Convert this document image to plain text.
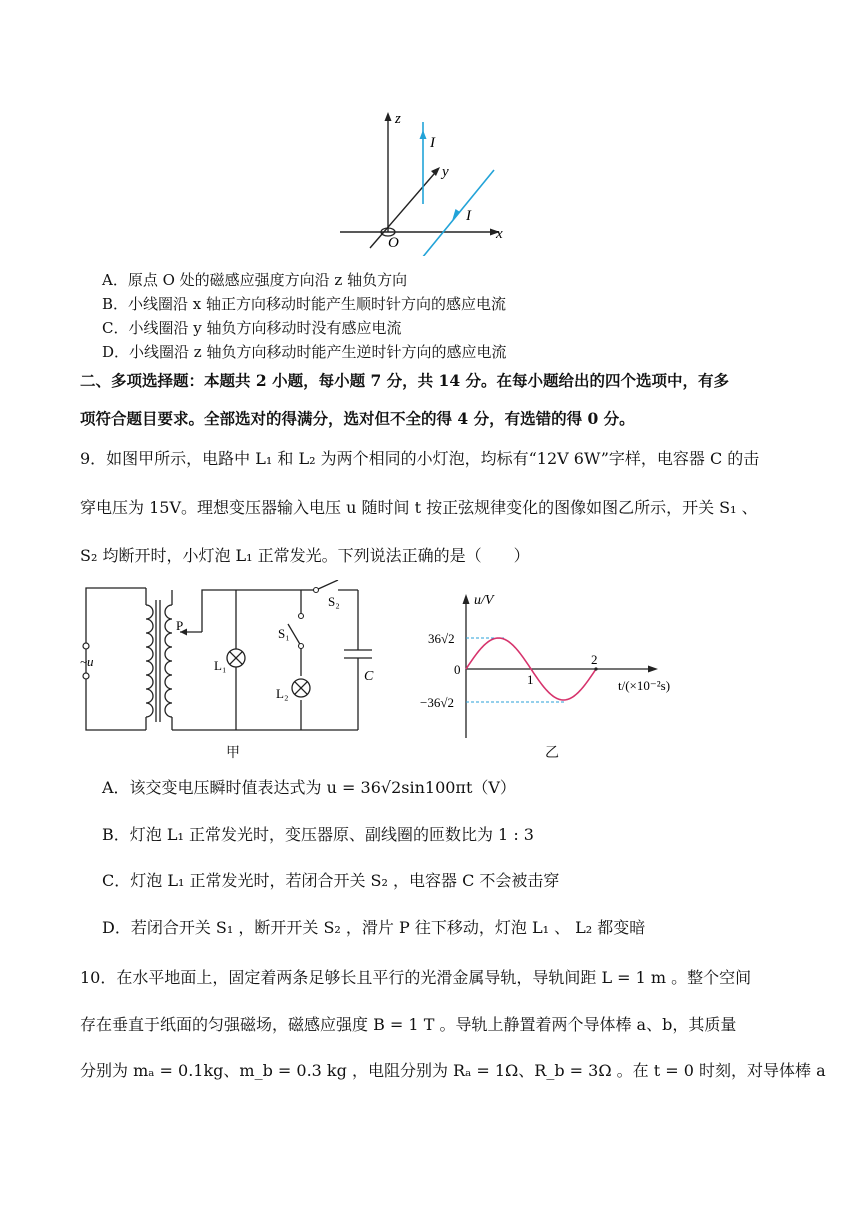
z
x
y
O
I
I
A．原点 O 处的磁感应强度方向沿 z 轴负方向
B．小线圈沿 x 轴正方向移动时能产生顺时针方向的感应电流
C．小线圈沿 y 轴负方向移动时没有感应电流
D．小线圈沿 z 轴负方向移动时能产生逆时针方向的感应电流
二、多项选择题：本题共 2 小题，每小题 7 分，共 14 分。在每小题给出的四个选项中，有多
项符合题目要求。全部选对的得满分，选对但不全的得 4 分，有选错的得 0 分。
9．如图甲所示，电路中 L₁ 和 L₂ 为两个相同的小灯泡，均标有“12V 6W”字样，电容器 C 的击
穿电压为 15V。理想变压器输入电压 u 随时间 t 按正弦规律变化的图像如图乙所示，开关 S₁ 、
S₂ 均断开时，小灯泡 L₁ 正常发光。下列说法正确的是（　　）
~u
P
L₁
L₂
S₁
S₂
C
甲
u/V
t/(×10⁻²s)
36√2
0
−36√2
1
2
乙
A．该交变电压瞬时值表达式为 u = 36√2sin100πt（V）
B．灯泡 L₁ 正常发光时，变压器原、副线圈的匝数比为 1 : 3
C．灯泡 L₁ 正常发光时，若闭合开关 S₂ ，电容器 C 不会被击穿
D．若闭合开关 S₁ ，断开开关 S₂ ，滑片 P 往下移动，灯泡 L₁ 、 L₂ 都变暗
10．在水平地面上，固定着两条足够长且平行的光滑金属导轨，导轨间距 L = 1 m 。整个空间
存在垂直于纸面的匀强磁场，磁感应强度 B = 1 T 。导轨上静置着两个导体棒 a、b，其质量
分别为 mₐ = 0.1kg、m_b = 0.3 kg ，电阻分别为 Rₐ = 1Ω、R_b = 3Ω 。在 t = 0 时刻，对导体棒 a
